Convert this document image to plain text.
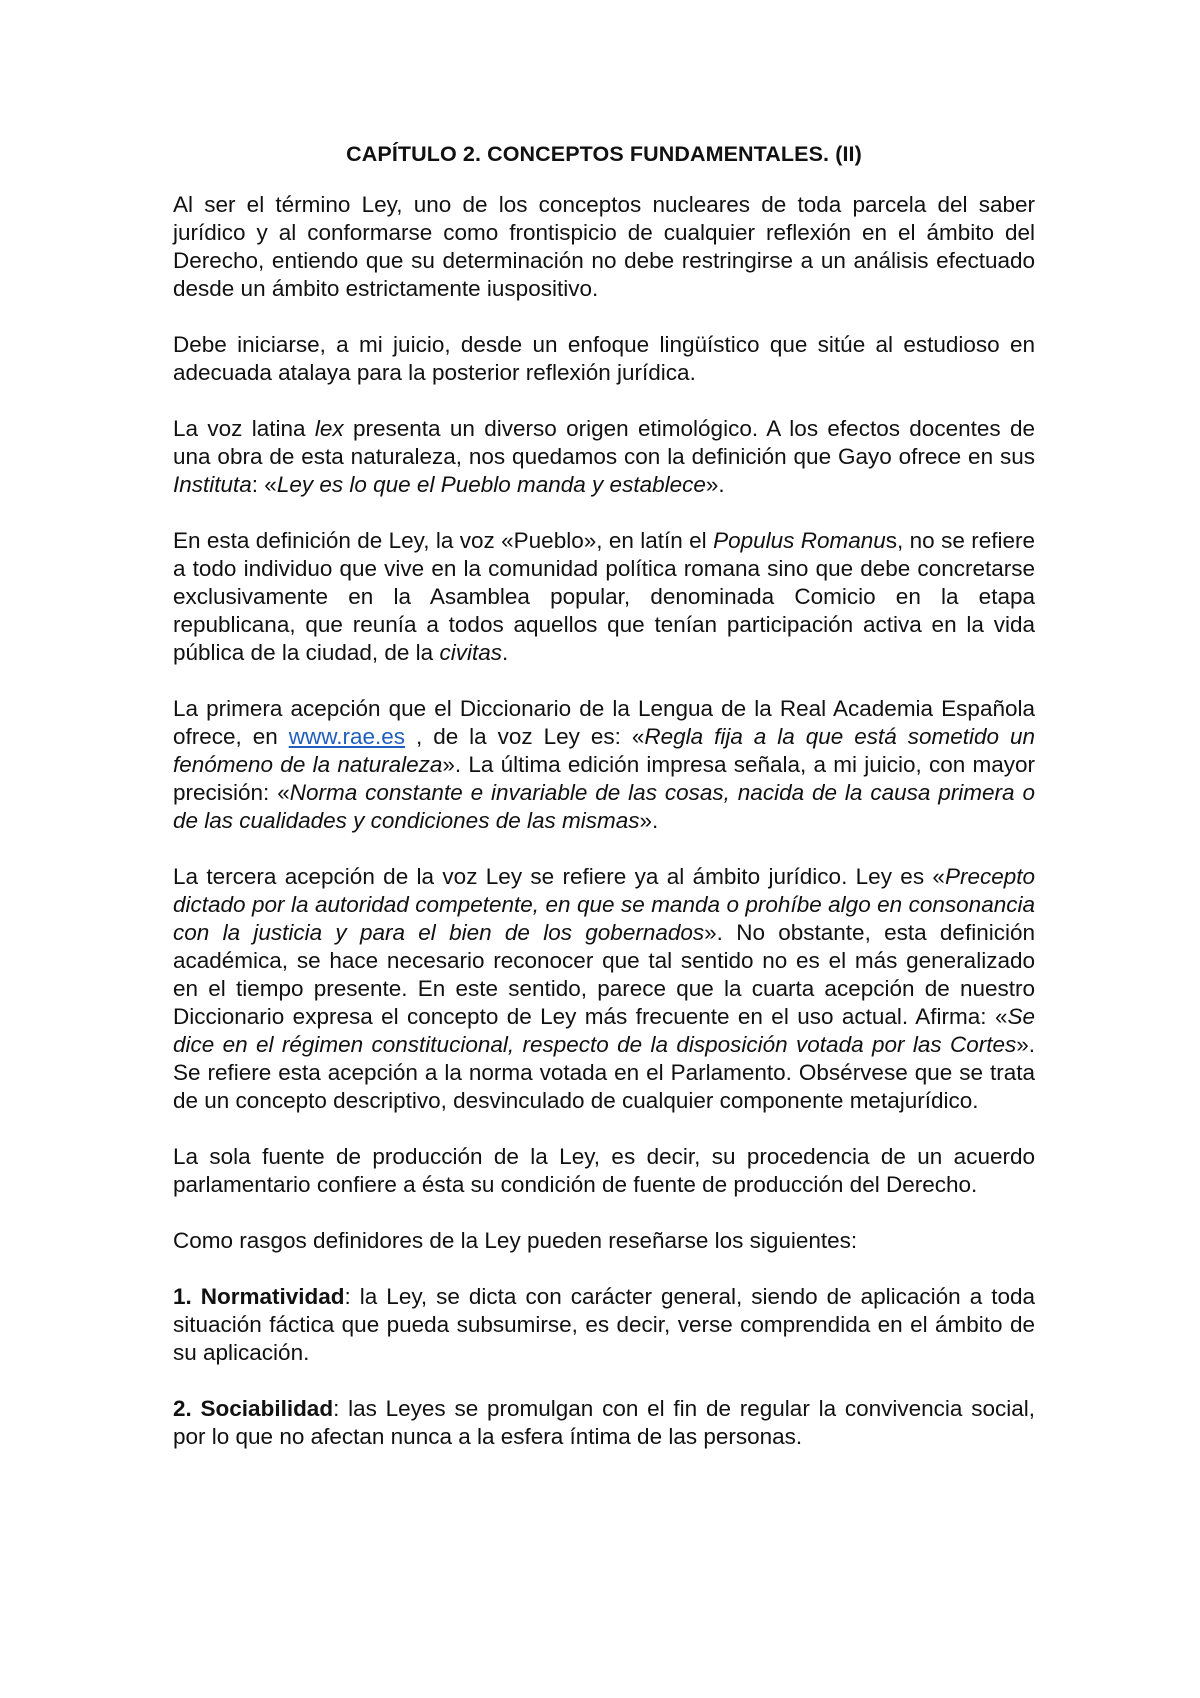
CAPÍTULO 2. CONCEPTOS FUNDAMENTALES. (II)

Al ser el término Ley, uno de los conceptos nucleares de toda parcela del saber jurídico y al conformarse como frontispicio de cualquier reflexión en el ámbito del Derecho, entiendo que su determinación no debe restringirse a un análisis efectuado desde un ámbito estrictamente iuspositivo.

Debe iniciarse, a mi juicio, desde un enfoque lingüístico que sitúe al estudioso en adecuada atalaya para la posterior reflexión jurídica.

La voz latina lex presenta un diverso origen etimológico. A los efectos docentes de una obra de esta naturaleza, nos quedamos con la definición que Gayo ofrece en sus Instituta: «Ley es lo que el Pueblo manda y establece».

En esta definición de Ley, la voz «Pueblo», en latín el Populus Romanus, no se refiere a todo individuo que vive en la comunidad política romana sino que debe concretarse exclusivamente en la Asamblea popular, denominada Comicio en la etapa republicana, que reunía a todos aquellos que tenían participación activa en la vida pública de la ciudad, de la civitas.

La primera acepción que el Diccionario de la Lengua de la Real Academia Española ofrece, en www.rae.es , de la voz Ley es: «Regla fija a la que está sometido un fenómeno de la naturaleza». La última edición impresa señala, a mi juicio, con mayor precisión: «Norma constante e invariable de las cosas, nacida de la causa primera o de las cualidades y condiciones de las mismas».

La tercera acepción de la voz Ley se refiere ya al ámbito jurídico. Ley es «Precepto dictado por la autoridad competente, en que se manda o prohíbe algo en consonancia con la justicia y para el bien de los gobernados». No obstante, esta definición académica, se hace necesario reconocer que tal sentido no es el más generalizado en el tiempo presente. En este sentido, parece que la cuarta acepción de nuestro Diccionario expresa el concepto de Ley más frecuente en el uso actual. Afirma: «Se dice en el régimen constitucional, respecto de la disposición votada por las Cortes». Se refiere esta acepción a la norma votada en el Parlamento. Obsérvese que se trata de un concepto descriptivo, desvinculado de cualquier componente metajurídico.

La sola fuente de producción de la Ley, es decir, su procedencia de un acuerdo parlamentario confiere a ésta su condición de fuente de producción del Derecho.

Como rasgos definidores de la Ley pueden reseñarse los siguientes:

1. Normatividad: la Ley, se dicta con carácter general, siendo de aplicación a toda situación fáctica que pueda subsumirse, es decir, verse comprendida en el ámbito de su aplicación.

2. Sociabilidad: las Leyes se promulgan con el fin de regular la convivencia social, por lo que no afectan nunca a la esfera íntima de las personas.
